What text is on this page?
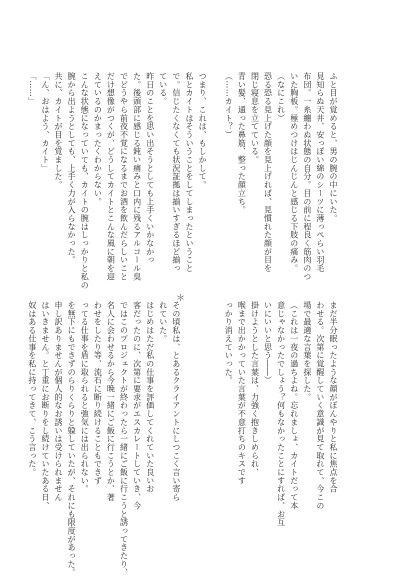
ふと目が覚めると、男の腕の中にいた。
見知らぬ天井、安っぽい綿のシーツに薄っぺらい羽毛
布団。一糸纏わぬ状態の自分。目の前に程良く筋肉のつ
いた胸板。極めつけはじんじんと感じる下肢の痛み。
（なにこれ）
恐る恐る見上げた顔を見上げれば、見慣れた顔が目を
閉じ寝息を立てている。
青い髪、通った鼻筋、整った顔立ち。
（……カイト？）

つまり、これは、もしかして。
私とカイトはそういうことをしてしまったということ
で。信じたくなくても状況証拠は揃いすぎるほど揃っ
ている。
昨日のことを思い出そうとしても上手くいかなかっ
た。後頭部に感じる鈍い痛みと口内に残るアルコール臭
でどうやら前夜不覚になるまでお酒を飲んだらしいこと
だけ想像がつくが、どうしてカイトとこんな風に朝を迎
えているのかまったくわからない。
こんな状態になっていても、カイトの腕はしっかりと私の
腕から出ようとしても、上手く力が入らなかった。
共に、カイトが目を覚ました。
「ん、おはよう、カイト」
「……」
＊
まだ半分眠ったような顔がぼんやりと私に焦点を合
わせる。次第に覚醒していく意識が見て取れて、今この
場で最適な言葉を探した。
（これは一夜の過ちよね。忘れましょ、カイトだって本
意じゃなかったでしょう？何もなかったことにすれば、お互
いにいいと思う――）
掛けようとした言葉は、力強く抱きしめられ、
喉まで出かかっていた言葉が不意打ちのキスです
っかり消えていった。

その頃私は、とあるクライアントにしつこく言い寄ら
れていた。
はじめはただ私の仕事を評価してくれていた良いお
客だったのに、次第に要求がエスカレートしていき、今
ではこのプロジェクトが終わったら一緒にご飯に行こうと誘ってきたり、
名人に会わせるから今晩一緒にご飯に行こうとか、著
わせをしたり等、流石に断り続けることもできず
ってる仕事を盾に取られると強気には出られない。
を無下にもできずのらりくらりと躱していたが、それにも限度があった。
申し訳ありませんが個人的なお誘いは受けられません
はいきません。と丁重にお断りをし続けていたある日、
奴はある仕事を私に持ってきて、こう言った。
